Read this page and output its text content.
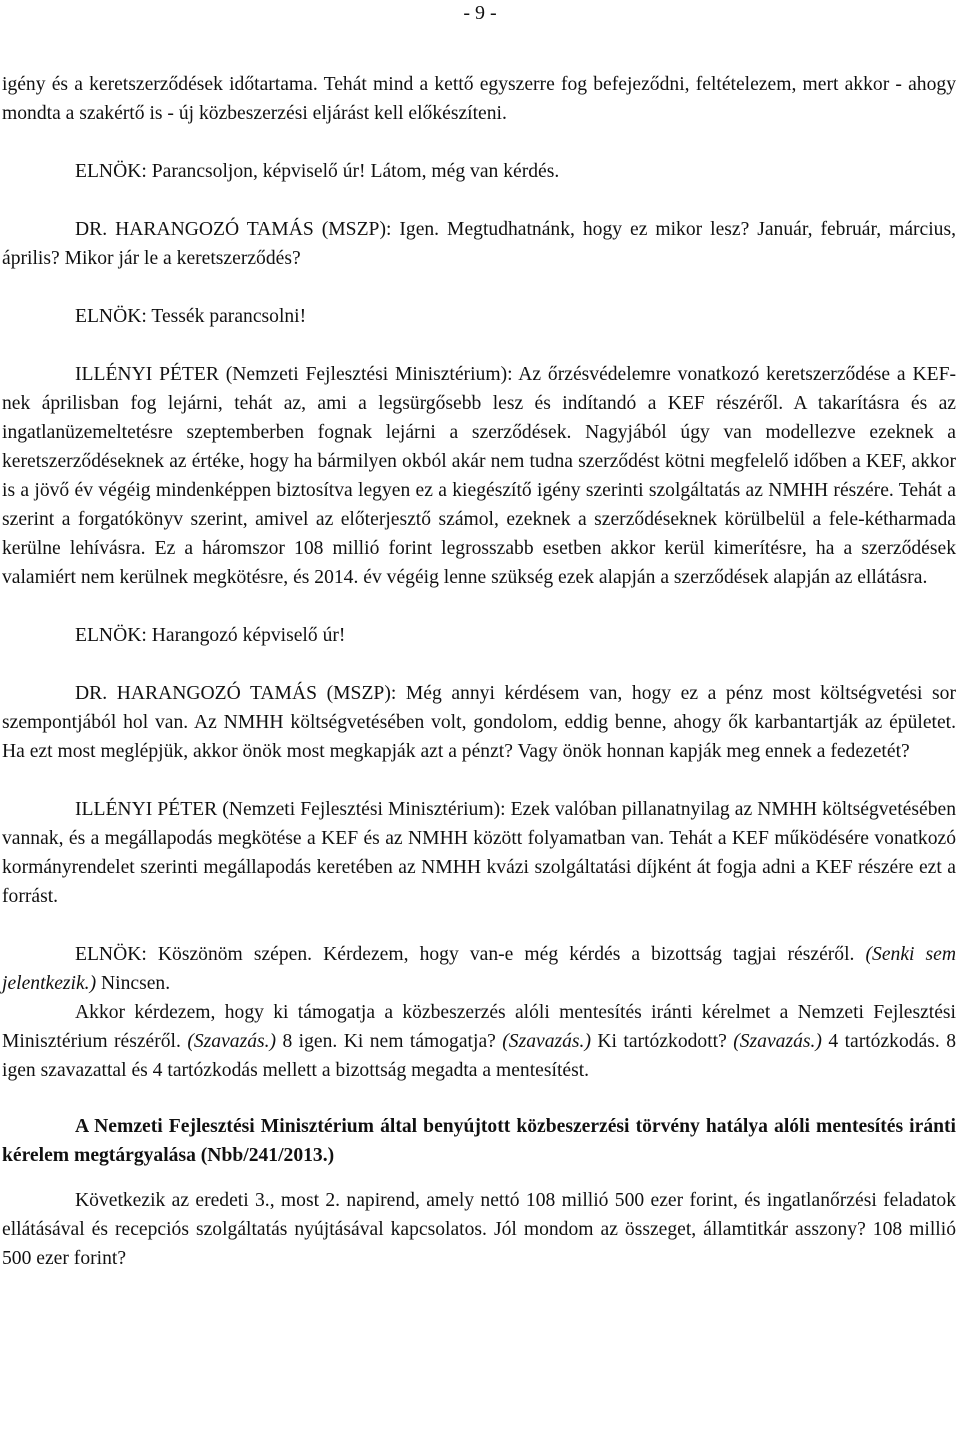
- 9 -

igény és a keretszerződések időtartama. Tehát mind a kettő egyszerre fog befejeződni, feltételezem, mert akkor - ahogy mondta a szakértő is - új közbeszerzési eljárást kell előkészíteni.

ELNÖK: Parancsoljon, képviselő úr! Látom, még van kérdés.

DR. HARANGOZÓ TAMÁS (MSZP): Igen. Megtudhatnánk, hogy ez mikor lesz? Január, február, március, április? Mikor jár le a keretszerződés?

ELNÖK: Tessék parancsolni!

ILLÉNYI PÉTER (Nemzeti Fejlesztési Minisztérium): Az őrzésvédelemre vonatkozó keretszerződése a KEF-nek áprilisban fog lejárni, tehát az, ami a legsürgősebb lesz és indítandó a KEF részéről. A takarításra és az ingatlanüzemeltetésre szeptemberben fognak lejárni a szerződések. Nagyjából úgy van modellezve ezeknek a keretszerződéseknek az értéke, hogy ha bármilyen okból akár nem tudna szerződést kötni megfelelő időben a KEF, akkor is a jövő év végéig mindenképpen biztosítva legyen ez a kiegészítő igény szerinti szolgáltatás az NMHH részére. Tehát a szerint a forgatókönyv szerint, amivel az előterjesztő számol, ezeknek a szerződéseknek körülbelül a fele-kétharmada kerülne lehívásra. Ez a háromszor 108 millió forint legrosszabb esetben akkor kerül kimerítésre, ha a szerződések valamiért nem kerülnek megkötésre, és 2014. év végéig lenne szükség ezek alapján a szerződések alapján az ellátásra.

ELNÖK: Harangozó képviselő úr!

DR. HARANGOZÓ TAMÁS (MSZP): Még annyi kérdésem van, hogy ez a pénz most költségvetési sor szempontjából hol van. Az NMHH költségvetésében volt, gondolom, eddig benne, ahogy ők karbantartják az épületet. Ha ezt most meglépjük, akkor önök most megkapják azt a pénzt? Vagy önök honnan kapják meg ennek a fedezetét?

ILLÉNYI PÉTER (Nemzeti Fejlesztési Minisztérium): Ezek valóban pillanatnyilag az NMHH költségvetésében vannak, és a megállapodás megkötése a KEF és az NMHH között folyamatban van. Tehát a KEF működésére vonatkozó kormányrendelet szerinti megállapodás keretében az NMHH kvázi szolgáltatási díjként át fogja adni a KEF részére ezt a forrást.

ELNÖK: Köszönöm szépen. Kérdezem, hogy van-e még kérdés a bizottság tagjai részéről. (Senki sem jelentkezik.) Nincsen.

Akkor kérdezem, hogy ki támogatja a közbeszerzés alóli mentesítés iránti kérelmet a Nemzeti Fejlesztési Minisztérium részéről. (Szavazás.) 8 igen. Ki nem támogatja? (Szavazás.) Ki tartózkodott? (Szavazás.) 4 tartózkodás. 8 igen szavazattal és 4 tartózkodás mellett a bizottság megadta a mentesítést.

A Nemzeti Fejlesztési Minisztérium által benyújtott közbeszerzési törvény hatálya alóli mentesítés iránti kérelem megtárgyalása (Nbb/241/2013.)

Következik az eredeti 3., most 2. napirend, amely nettó 108 millió 500 ezer forint, és ingatlanőrzési feladatok ellátásával és recepciós szolgáltatás nyújtásával kapcsolatos. Jól mondom az összeget, államtitkár asszony? 108 millió 500 ezer forint?
